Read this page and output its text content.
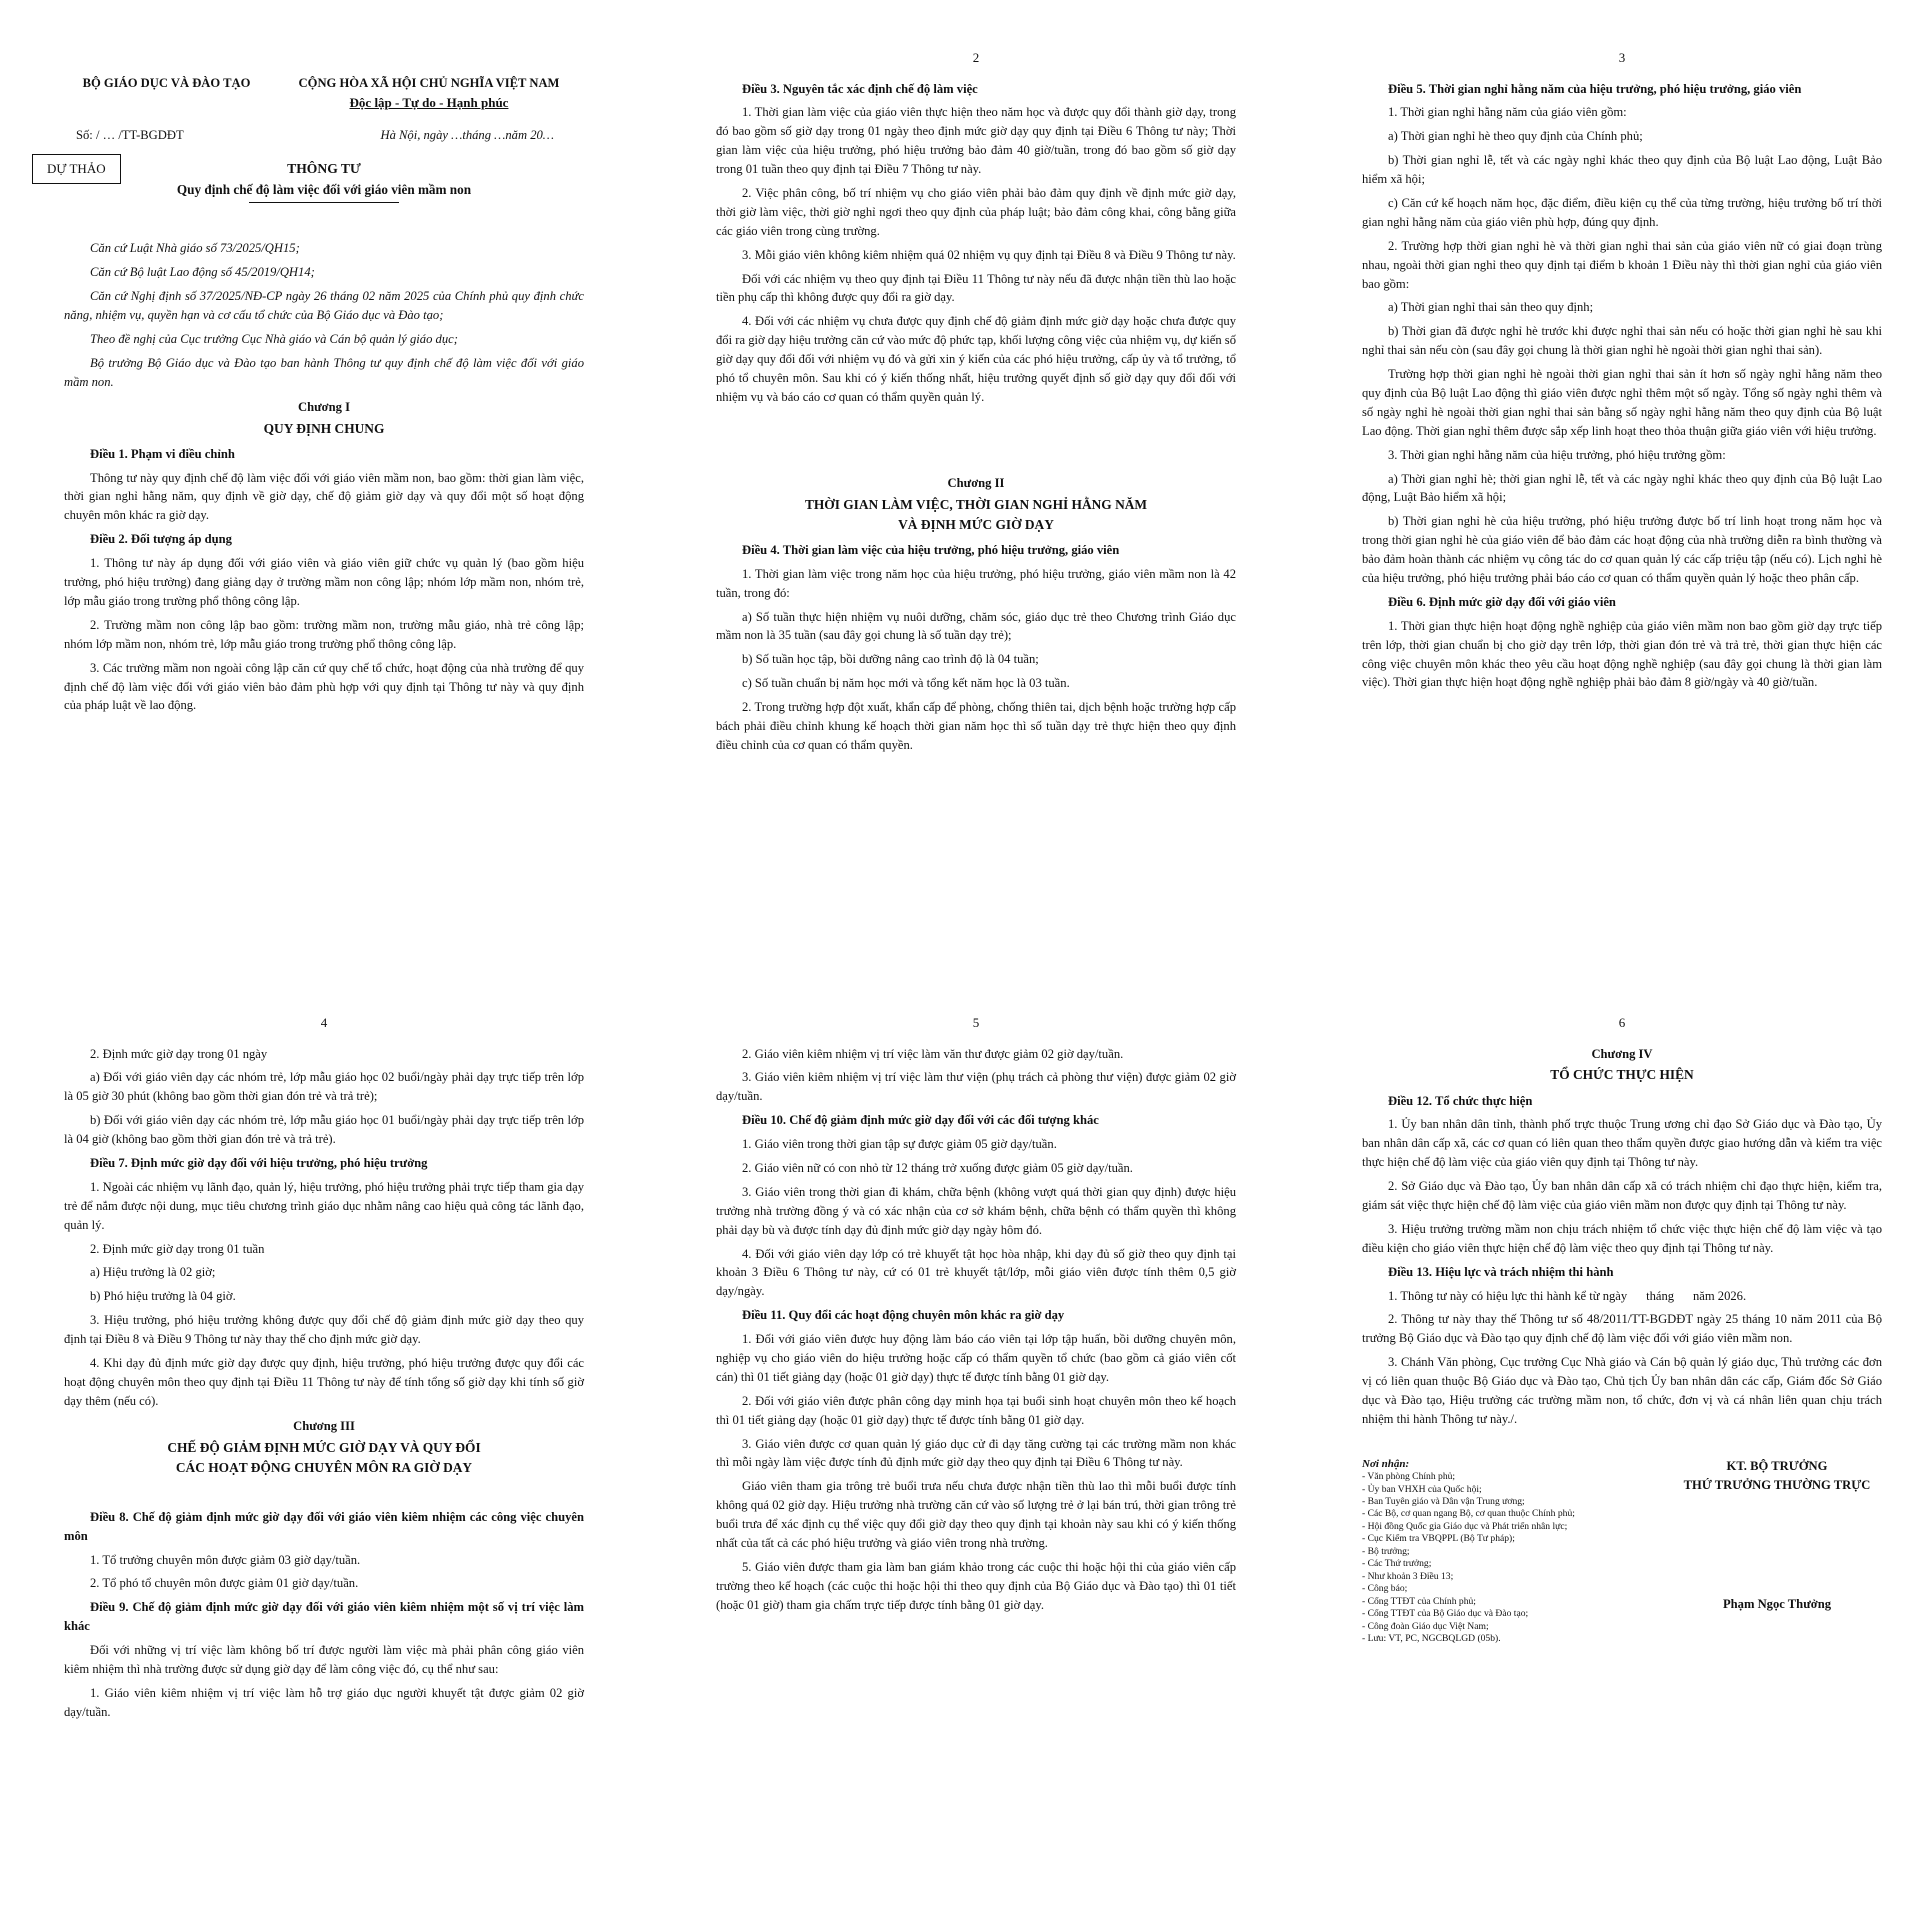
BỘ GIÁO DỤC VÀ ĐÀO TẠO	CỘNG HÒA XÃ HỘI CHỦ NGHĨA VIỆT NAM
Độc lập - Tự do - Hạnh phúc
Số: / … /TT-BGDĐT	Hà Nội, ngày …tháng …năm 20…
DỰ THẢO	THÔNG TƯ
Quy định chế độ làm việc đối với giáo viên mầm non

Căn cứ Luật Nhà giáo số 73/2025/QH15;

Căn cứ Bộ luật Lao động số 45/2019/QH14;

Căn cứ Nghị định số 37/2025/NĐ-CP ngày 26 tháng 02 năm 2025 của Chính phủ quy định chức năng, nhiệm vụ, quyền hạn và cơ cấu tổ chức của Bộ Giáo dục và Đào tạo;

Theo đề nghị của Cục trưởng Cục Nhà giáo và Cán bộ quản lý giáo dục;

Bộ trưởng Bộ Giáo dục và Đào tạo ban hành Thông tư quy định chế độ làm việc đối với giáo mầm non.

Chương I

QUY ĐỊNH CHUNG

Điều 1. Phạm vi điều chỉnh

Thông tư này quy định chế độ làm việc đối với giáo viên mầm non, bao gồm: thời gian làm việc, thời gian nghỉ hằng năm, quy định về giờ dạy, chế độ giảm giờ dạy và quy đổi một số hoạt động chuyên môn khác ra giờ dạy.

Điều 2. Đối tượng áp dụng

1. Thông tư này áp dụng đối với giáo viên và giáo viên giữ chức vụ quản lý (bao gồm hiệu trưởng, phó hiệu trưởng) đang giảng dạy ở trường mầm non công lập; nhóm lớp mầm non, nhóm trẻ, lớp mẫu giáo trong trường phổ thông công lập.

2. Trường mầm non công lập bao gồm: trường mầm non, trường mẫu giáo, nhà trẻ công lập; nhóm lớp mầm non, nhóm trẻ, lớp mẫu giáo trong trường phổ thông công lập.

3. Các trường mầm non ngoài công lập căn cứ quy chế tổ chức, hoạt động của nhà trường để quy định chế độ làm việc đối với giáo viên bảo đảm phù hợp với quy định tại Thông tư này và quy định của pháp luật về lao động.

2

Điều 3. Nguyên tắc xác định chế độ làm việc

1. Thời gian làm việc của giáo viên thực hiện theo năm học và được quy đổi thành giờ dạy, trong đó bao gồm số giờ dạy trong 01 ngày theo định mức giờ dạy quy định tại Điều 6 Thông tư này; Thời gian làm việc của hiệu trưởng, phó hiệu trưởng bảo đảm 40 giờ/tuần, trong đó bao gồm số giờ dạy trong 01 tuần theo quy định tại Điều 7 Thông tư này.

2. Việc phân công, bố trí nhiệm vụ cho giáo viên phải bảo đảm quy định về định mức giờ dạy, thời giờ làm việc, thời giờ nghỉ ngơi theo quy định của pháp luật; bảo đảm công khai, công bằng giữa các giáo viên trong cùng trường.

3. Mỗi giáo viên không kiêm nhiệm quá 02 nhiệm vụ quy định tại Điều 8 và Điều 9 Thông tư này.

Đối với các nhiệm vụ theo quy định tại Điều 11 Thông tư này nếu đã được nhận tiền thù lao hoặc tiền phụ cấp thì không được quy đổi ra giờ dạy.

4. Đối với các nhiệm vụ chưa được quy định chế độ giảm định mức giờ dạy hoặc chưa được quy đổi ra giờ dạy hiệu trưởng căn cứ vào mức độ phức tạp, khối lượng công việc của nhiệm vụ, dự kiến số giờ dạy quy đổi đối với nhiệm vụ đó và gửi xin ý kiến của các phó hiệu trưởng, cấp ủy và tổ trưởng, tổ phó tổ chuyên môn. Sau khi có ý kiến thống nhất, hiệu trưởng quyết định số giờ dạy quy đổi đối với nhiệm vụ và báo cáo cơ quan có thẩm quyền quản lý.

Chương II

THỜI GIAN LÀM VIỆC, THỜI GIAN NGHỈ HẰNG NĂM

VÀ ĐỊNH MỨC GIỜ DẠY

Điều 4. Thời gian làm việc của hiệu trưởng, phó hiệu trưởng, giáo viên

1. Thời gian làm việc trong năm học của hiệu trưởng, phó hiệu trưởng, giáo viên mầm non là 42 tuần, trong đó:

a) Số tuần thực hiện nhiệm vụ nuôi dưỡng, chăm sóc, giáo dục trẻ theo Chương trình Giáo dục mầm non là 35 tuần (sau đây gọi chung là số tuần dạy trẻ);

b) Số tuần học tập, bồi dưỡng nâng cao trình độ là 04 tuần;

c) Số tuần chuẩn bị năm học mới và tổng kết năm học là 03 tuần.

2. Trong trường hợp đột xuất, khẩn cấp để phòng, chống thiên tai, dịch bệnh hoặc trường hợp cấp bách phải điều chỉnh khung kế hoạch thời gian năm học thì số tuần dạy trẻ thực hiện theo quy định điều chỉnh của cơ quan có thẩm quyền.

3

Điều 5. Thời gian nghỉ hằng năm của hiệu trưởng, phó hiệu trưởng, giáo viên

1. Thời gian nghỉ hằng năm của giáo viên gồm:

a) Thời gian nghỉ hè theo quy định của Chính phủ;

b) Thời gian nghỉ lễ, tết và các ngày nghỉ khác theo quy định của Bộ luật Lao động, Luật Bảo hiểm xã hội;

c) Căn cứ kế hoạch năm học, đặc điểm, điều kiện cụ thể của từng trường, hiệu trưởng bố trí thời gian nghỉ hằng năm của giáo viên phù hợp, đúng quy định.

2. Trường hợp thời gian nghỉ hè và thời gian nghỉ thai sản của giáo viên nữ có giai đoạn trùng nhau, ngoài thời gian nghỉ theo quy định tại điểm b khoản 1 Điều này thì thời gian nghỉ của giáo viên bao gồm:

a) Thời gian nghỉ thai sản theo quy định;

b) Thời gian đã được nghỉ hè trước khi được nghỉ thai sản nếu có hoặc thời gian nghỉ hè sau khi nghỉ thai sản nếu còn (sau đây gọi chung là thời gian nghỉ hè ngoài thời gian nghỉ thai sản).

Trường hợp thời gian nghỉ hè ngoài thời gian nghỉ thai sản ít hơn số ngày nghỉ hằng năm theo quy định của Bộ luật Lao động thì giáo viên được nghỉ thêm một số ngày. Tổng số ngày nghỉ thêm và số ngày nghỉ hè ngoài thời gian nghỉ thai sản bằng số ngày nghỉ hằng năm theo quy định của Bộ luật Lao động. Thời gian nghỉ thêm được sắp xếp linh hoạt theo thỏa thuận giữa giáo viên với hiệu trưởng.

3. Thời gian nghỉ hằng năm của hiệu trưởng, phó hiệu trưởng gồm:

a) Thời gian nghỉ hè; thời gian nghỉ lễ, tết và các ngày nghỉ khác theo quy định của Bộ luật Lao động, Luật Bảo hiểm xã hội;

b) Thời gian nghỉ hè của hiệu trưởng, phó hiệu trưởng được bố trí linh hoạt trong năm học và trong thời gian nghỉ hè của giáo viên để bảo đảm các hoạt động của nhà trường diễn ra bình thường và bảo đảm hoàn thành các nhiệm vụ công tác do cơ quan quản lý các cấp triệu tập (nếu có). Lịch nghỉ hè của hiệu trưởng, phó hiệu trưởng phải báo cáo cơ quan có thẩm quyền quản lý hoặc theo phân cấp.

Điều 6. Định mức giờ dạy đối với giáo viên

1. Thời gian thực hiện hoạt động nghề nghiệp của giáo viên mầm non bao gồm giờ dạy trực tiếp trên lớp, thời gian chuẩn bị cho giờ dạy trên lớp, thời gian đón trẻ và trả trẻ, thời gian thực hiện các công việc chuyên môn khác theo yêu cầu hoạt động nghề nghiệp (sau đây gọi chung là thời gian làm việc). Thời gian thực hiện hoạt động nghề nghiệp phải bảo đảm 8 giờ/ngày và 40 giờ/tuần.

4

2. Định mức giờ dạy trong 01 ngày

a) Đối với giáo viên dạy các nhóm trẻ, lớp mẫu giáo học 02 buổi/ngày phải dạy trực tiếp trên lớp là 05 giờ 30 phút (không bao gồm thời gian đón trẻ và trả trẻ);

b) Đối với giáo viên dạy các nhóm trẻ, lớp mẫu giáo học 01 buổi/ngày phải dạy trực tiếp trên lớp là 04 giờ (không bao gồm thời gian đón trẻ và trả trẻ).

Điều 7. Định mức giờ dạy đối với hiệu trưởng, phó hiệu trưởng

1. Ngoài các nhiệm vụ lãnh đạo, quản lý, hiệu trưởng, phó hiệu trưởng phải trực tiếp tham gia dạy trẻ để nắm được nội dung, mục tiêu chương trình giáo dục nhằm nâng cao hiệu quả công tác lãnh đạo, quản lý.

2. Định mức giờ dạy trong 01 tuần

a) Hiệu trưởng là 02 giờ;

b) Phó hiệu trưởng là 04 giờ.

3. Hiệu trưởng, phó hiệu trưởng không được quy đổi chế độ giảm định mức giờ dạy theo quy định tại Điều 8 và Điều 9 Thông tư này thay thế cho định mức giờ dạy.

4. Khi dạy đủ định mức giờ dạy được quy định, hiệu trưởng, phó hiệu trưởng được quy đổi các hoạt động chuyên môn theo quy định tại Điều 11 Thông tư này để tính tổng số giờ dạy khi tính số giờ dạy thêm (nếu có).

Chương III

CHẾ ĐỘ GIẢM ĐỊNH MỨC GIỜ DẠY VÀ QUY ĐỔI

CÁC HOẠT ĐỘNG CHUYÊN MÔN RA GIỜ DẠY

Điều 8. Chế độ giảm định mức giờ dạy đối với giáo viên kiêm nhiệm các công việc chuyên môn

1. Tổ trưởng chuyên môn được giảm 03 giờ dạy/tuần.

2. Tổ phó tổ chuyên môn được giảm 01 giờ dạy/tuần.

Điều 9. Chế độ giảm định mức giờ dạy đối với giáo viên kiêm nhiệm một số vị trí việc làm khác

Đối với những vị trí việc làm không bố trí được người làm việc mà phải phân công giáo viên kiêm nhiệm thì nhà trường được sử dụng giờ dạy để làm công việc đó, cụ thể như sau:

1. Giáo viên kiêm nhiệm vị trí việc làm hỗ trợ giáo dục người khuyết tật được giảm 02 giờ dạy/tuần.

5

2. Giáo viên kiêm nhiệm vị trí việc làm văn thư được giảm 02 giờ dạy/tuần.

3. Giáo viên kiêm nhiệm vị trí việc làm thư viện (phụ trách cả phòng thư viện) được giảm 02 giờ dạy/tuần.

Điều 10. Chế độ giảm định mức giờ dạy đối với các đối tượng khác

1. Giáo viên trong thời gian tập sự được giảm 05 giờ dạy/tuần.

2. Giáo viên nữ có con nhỏ từ 12 tháng trở xuống được giảm 05 giờ dạy/tuần.

3. Giáo viên trong thời gian đi khám, chữa bệnh (không vượt quá thời gian quy định) được hiệu trưởng nhà trường đồng ý và có xác nhận của cơ sở khám bệnh, chữa bệnh có thẩm quyền thì không phải dạy bù và được tính dạy đủ định mức giờ dạy ngày hôm đó.

4. Đối với giáo viên dạy lớp có trẻ khuyết tật học hòa nhập, khi dạy đủ số giờ theo quy định tại khoản 3 Điều 6 Thông tư này, cứ có 01 trẻ khuyết tật/lớp, mỗi giáo viên được tính thêm 0,5 giờ dạy/ngày.

Điều 11. Quy đổi các hoạt động chuyên môn khác ra giờ dạy

1. Đối với giáo viên được huy động làm báo cáo viên tại lớp tập huấn, bồi dưỡng chuyên môn, nghiệp vụ cho giáo viên do hiệu trưởng hoặc cấp có thẩm quyền tổ chức (bao gồm cả giáo viên cốt cán) thì 01 tiết giảng dạy (hoặc 01 giờ dạy) thực tế được tính bằng 01 giờ dạy.

2. Đối với giáo viên được phân công dạy minh họa tại buổi sinh hoạt chuyên môn theo kế hoạch thì 01 tiết giảng dạy (hoặc 01 giờ dạy) thực tế được tính bằng 01 giờ dạy.

3. Giáo viên được cơ quan quản lý giáo dục cử đi dạy tăng cường tại các trường mầm non khác thì mỗi ngày làm việc được tính đủ định mức giờ dạy theo quy định tại Điều 6 Thông tư này.

Giáo viên tham gia trông trẻ buổi trưa nếu chưa được nhận tiền thù lao thì mỗi buổi được tính không quá 02 giờ dạy. Hiệu trưởng nhà trường căn cứ vào số lượng trẻ ở lại bán trú, thời gian trông trẻ buổi trưa để xác định cụ thể việc quy đổi giờ dạy theo quy định tại khoản này sau khi có ý kiến thống nhất của tất cả các phó hiệu trưởng và giáo viên trong nhà trường.

5. Giáo viên được tham gia làm ban giám khảo trong các cuộc thi hoặc hội thi của giáo viên cấp trường theo kế hoạch (các cuộc thi hoặc hội thi theo quy định của Bộ Giáo dục và Đào tạo) thì 01 tiết (hoặc 01 giờ) tham gia chấm trực tiếp được tính bằng 01 giờ dạy.

6

Chương IV

TỔ CHỨC THỰC HIỆN

Điều 12. Tổ chức thực hiện

1. Ủy ban nhân dân tỉnh, thành phố trực thuộc Trung ương chỉ đạo Sở Giáo dục và Đào tạo, Ủy ban nhân dân cấp xã, các cơ quan có liên quan theo thẩm quyền được giao hướng dẫn và kiểm tra việc thực hiện chế độ làm việc của giáo viên quy định tại Thông tư này.

2. Sở Giáo dục và Đào tạo, Ủy ban nhân dân cấp xã có trách nhiệm chỉ đạo thực hiện, kiểm tra, giám sát việc thực hiện chế độ làm việc của giáo viên mầm non được quy định tại Thông tư này.

3. Hiệu trưởng trường mầm non chịu trách nhiệm tổ chức việc thực hiện chế độ làm việc và tạo điều kiện cho giáo viên thực hiện chế độ làm việc theo quy định tại Thông tư này.

Điều 13. Hiệu lực và trách nhiệm thi hành

1. Thông tư này có hiệu lực thi hành kể từ ngày      tháng      năm 2026.

2. Thông tư này thay thế Thông tư số 48/2011/TT-BGDĐT ngày 25 tháng 10 năm 2011 của Bộ trưởng Bộ Giáo dục và Đào tạo quy định chế độ làm việc đối với giáo viên mầm non.

3. Chánh Văn phòng, Cục trưởng Cục Nhà giáo và Cán bộ quản lý giáo dục, Thủ trưởng các đơn vị có liên quan thuộc Bộ Giáo dục và Đào tạo, Chủ tịch Ủy ban nhân dân các cấp, Giám đốc Sở Giáo dục và Đào tạo, Hiệu trưởng các trường mầm non, tổ chức, đơn vị và cá nhân liên quan chịu trách nhiệm thi hành Thông tư này./.

Nơi nhận:
- Văn phòng Chính phủ;
- Ủy ban VHXH của Quốc hội;
- Ban Tuyên giáo và Dân vận Trung ương;
- Các Bộ, cơ quan ngang Bộ, cơ quan thuộc Chính phủ;
- Hội đồng Quốc gia Giáo dục và Phát triển nhân lực;
- Cục Kiểm tra VBQPPL (Bộ Tư pháp);
- Bộ trưởng;
- Các Thứ trưởng;
- Như khoản 3 Điều 13;
- Công báo;
- Cổng TTĐT của Chính phủ;
- Cổng TTĐT của Bộ Giáo dục và Đào tạo;
- Công đoàn Giáo dục Việt Nam;
- Lưu: VT, PC, NGCBQLGD (05b).
KT. BỘ TRƯỞNG
THỨ TRƯỞNG THƯỜNG TRỰC
Phạm Ngọc Thưởng
